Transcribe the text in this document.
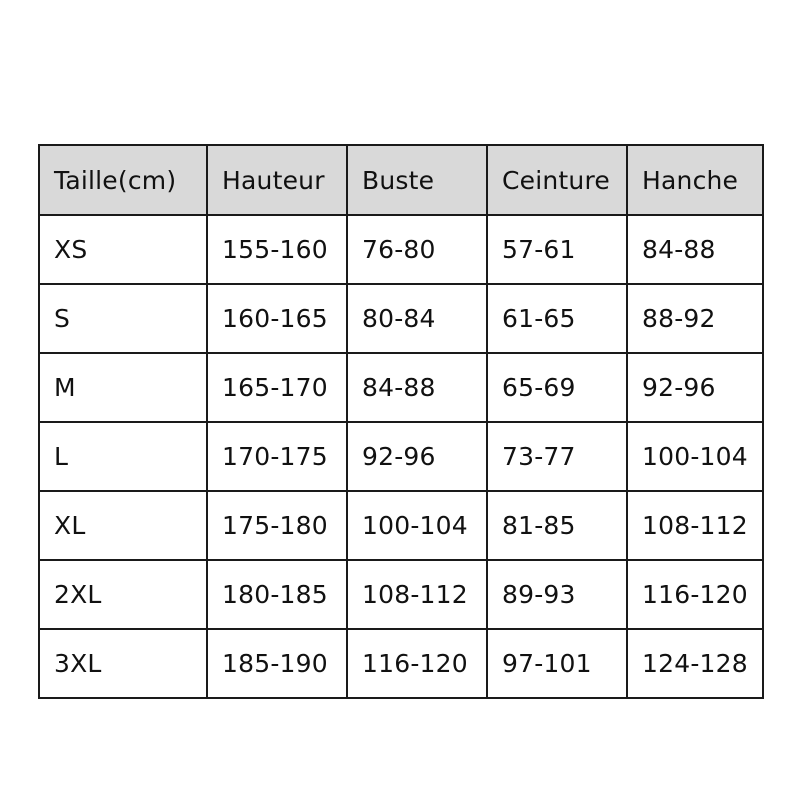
Taille(cm)	Hauteur	Buste	Ceinture	Hanche
XS	155-160	76-80	57-61	84-88
S	160-165	80-84	61-65	88-92
M	165-170	84-88	65-69	92-96
L	170-175	92-96	73-77	100-104
XL	175-180	100-104	81-85	108-112
2XL	180-185	108-112	89-93	116-120
3XL	185-190	116-120	97-101	124-128
